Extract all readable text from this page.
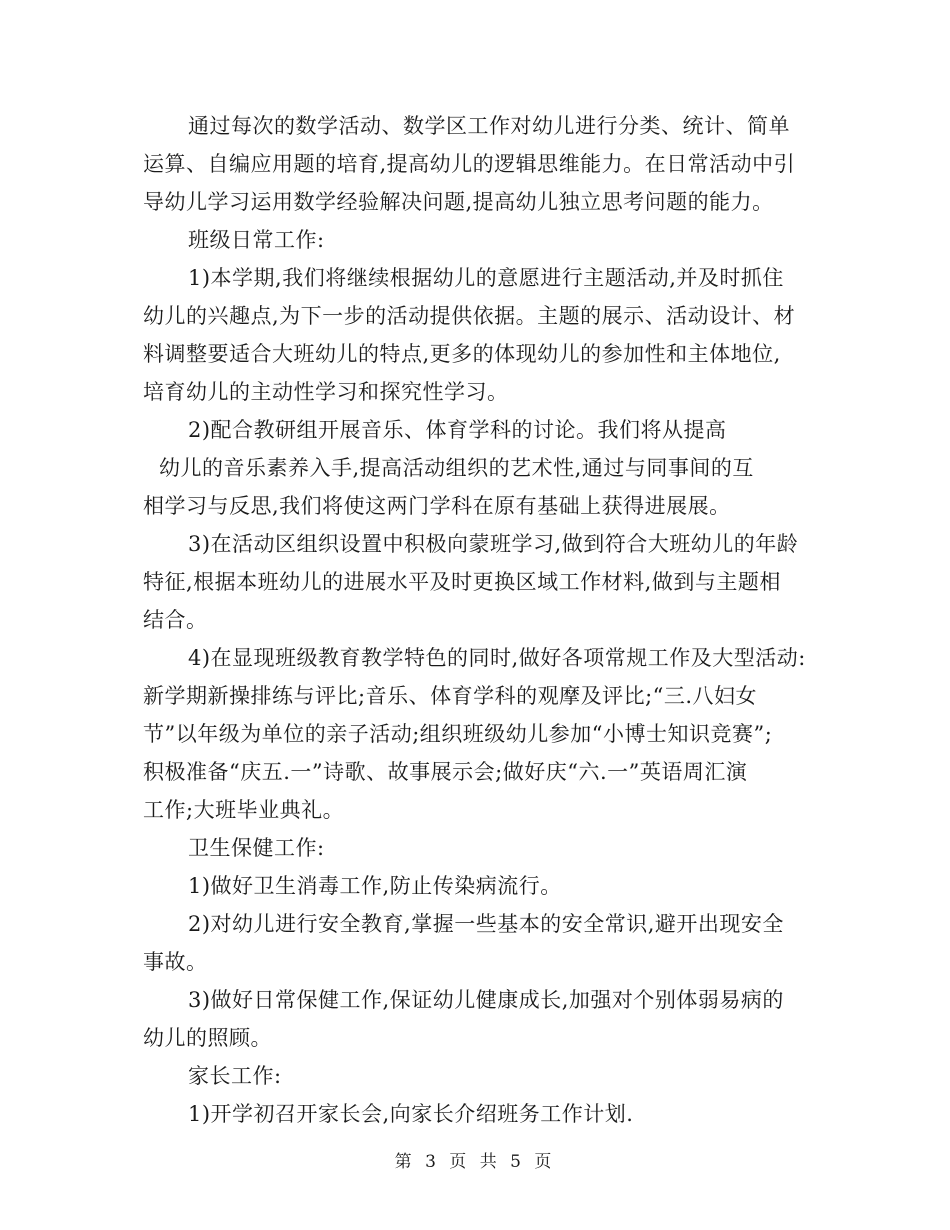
通过每次的数学活动、数学区工作对幼儿进行分类、统计、简单
运算、自编应用题的培育,提高幼儿的逻辑思维能力。在日常活动中引
导幼儿学习运用数学经验解决问题,提高幼儿独立思考问题的能力。
班级日常工作:
1)本学期,我们将继续根据幼儿的意愿进行主题活动,并及时抓住
幼儿的兴趣点,为下一步的活动提供依据。主题的展示、活动设计、材
料调整要适合大班幼儿的特点,更多的体现幼儿的参加性和主体地位,
培育幼儿的主动性学习和探究性学习。
2)配合教研组开展音乐、体育学科的讨论。我们将从提高
幼儿的音乐素养入手,提高活动组织的艺术性,通过与同事间的互
相学习与反思,我们将使这两门学科在原有基础上获得进展展。
3)在活动区组织设置中积极向蒙班学习,做到符合大班幼儿的年龄
特征,根据本班幼儿的进展水平及时更换区域工作材料,做到与主题相
结合。
4)在显现班级教育教学特色的同时,做好各项常规工作及大型活动:
新学期新操排练与评比;音乐、体育学科的观摩及评比;“三.八妇女
节”以年级为单位的亲子活动;组织班级幼儿参加“小博士知识竞赛”;
积极准备“庆五.一”诗歌、故事展示会;做好庆“六.一”英语周汇演
工作;大班毕业典礼。
卫生保健工作:
1)做好卫生消毒工作,防止传染病流行。
2)对幼儿进行安全教育,掌握一些基本的安全常识,避开出现安全
事故。
3)做好日常保健工作,保证幼儿健康成长,加强对个别体弱易病的
幼儿的照顾。
家长工作:
1)开学初召开家长会,向家长介绍班务工作计划.
第 3 页 共 5 页
